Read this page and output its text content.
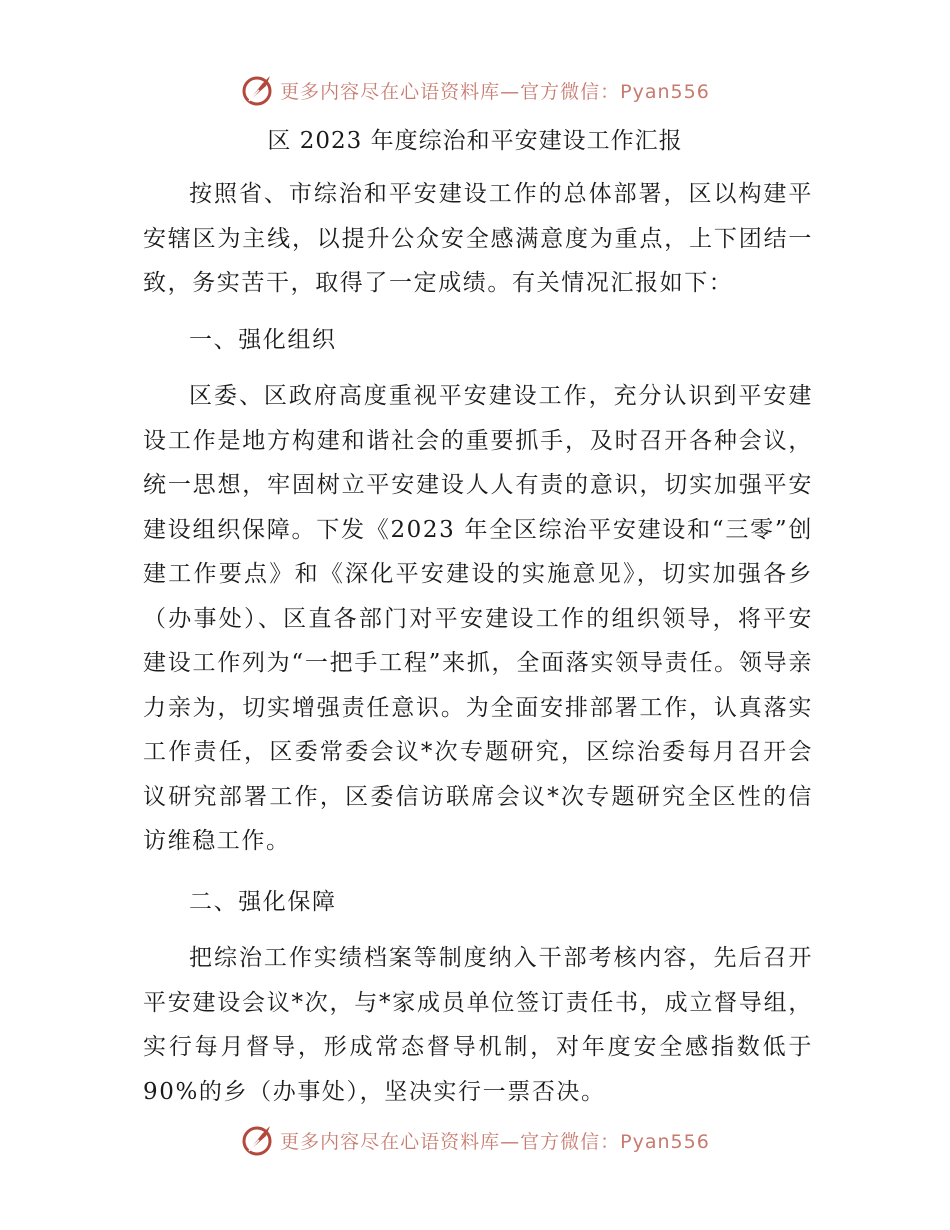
更多内容尽在心语资料库—官方微信：Pyan556
区 2023 年度综治和平安建设工作汇报

按照省、市综治和平安建设工作的总体部署，区以构建平安辖区为主线，以提升公众安全感满意度为重点，上下团结一致，务实苦干，取得了一定成绩。有关情况汇报如下：

一、强化组织

区委、区政府高度重视平安建设工作，充分认识到平安建设工作是地方构建和谐社会的重要抓手，及时召开各种会议，统一思想，牢固树立平安建设人人有责的意识，切实加强平安建设组织保障。下发《2023 年全区综治平安建设和“三零”创建工作要点》和《深化平安建设的实施意见》，切实加强各乡（办事处）、区直各部门对平安建设工作的组织领导，将平安建设工作列为“一把手工程”来抓，全面落实领导责任。领导亲力亲为，切实增强责任意识。为全面安排部署工作，认真落实工作责任，区委常委会议*次专题研究，区综治委每月召开会议研究部署工作，区委信访联席会议*次专题研究全区性的信访维稳工作。

二、强化保障

把综治工作实绩档案等制度纳入干部考核内容，先后召开平安建设会议*次，与*家成员单位签订责任书，成立督导组，实行每月督导，形成常态督导机制，对年度安全感指数低于90%的乡（办事处），坚决实行一票否决。

更多内容尽在心语资料库—官方微信：Pyan556
